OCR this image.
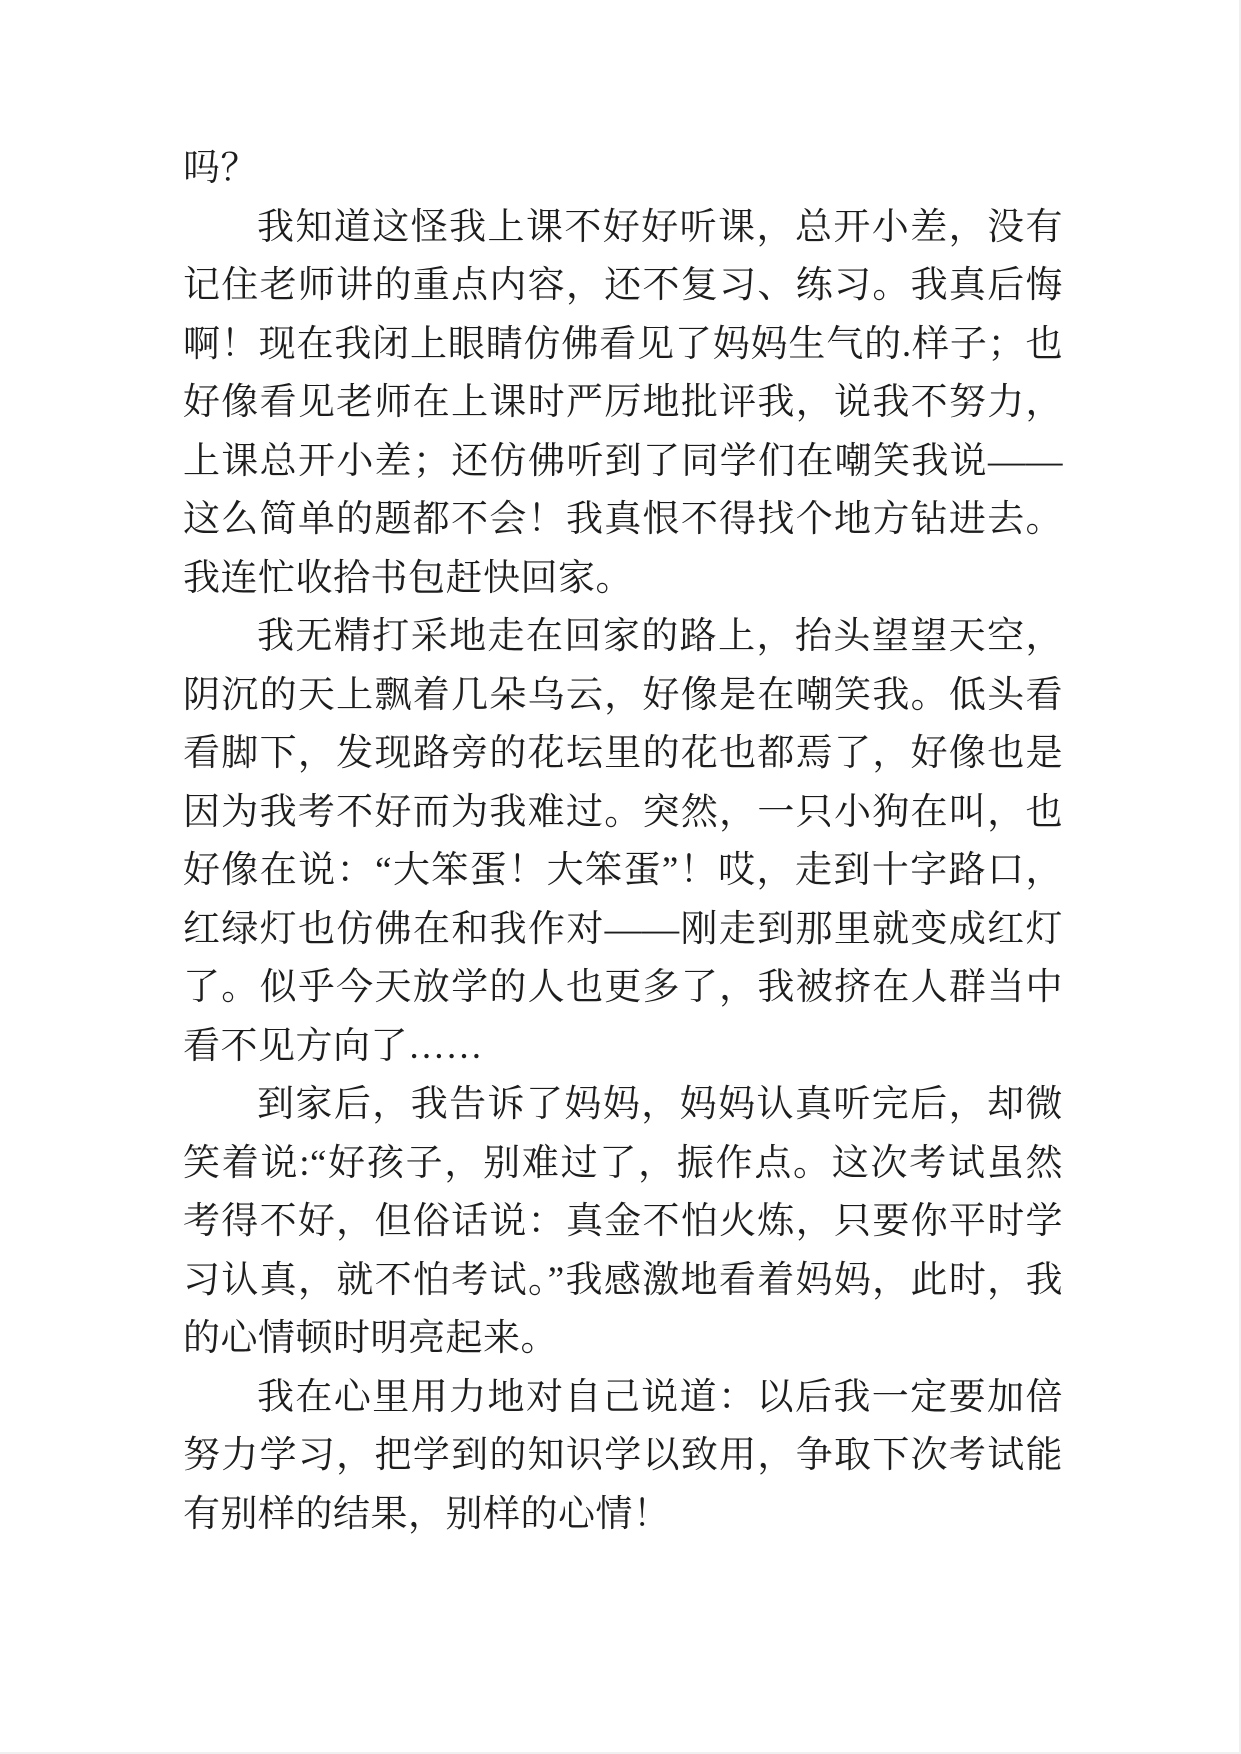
吗？

我知道这怪我上课不好好听课，总开小差，没有记住老师讲的重点内容，还不复习、练习。我真后悔啊！现在我闭上眼睛仿佛看见了妈妈生气的.样子；也好像看见老师在上课时严厉地批评我，说我不努力，上课总开小差；还仿佛听到了同学们在嘲笑我说——这么简单的题都不会！我真恨不得找个地方钻进去。我连忙收拾书包赶快回家。

我无精打采地走在回家的路上，抬头望望天空，阴沉的天上飘着几朵乌云，好像是在嘲笑我。低头看看脚下，发现路旁的花坛里的花也都焉了，好像也是因为我考不好而为我难过。突然，一只小狗在叫，也好像在说：“大笨蛋！大笨蛋”！哎，走到十字路口，红绿灯也仿佛在和我作对——刚走到那里就变成红灯了。似乎今天放学的人也更多了，我被挤在人群当中看不见方向了……

到家后，我告诉了妈妈，妈妈认真听完后，却微笑着说:“好孩子，别难过了，振作点。这次考试虽然考得不好，但俗话说：真金不怕火炼，只要你平时学习认真，就不怕考试。”我感激地看着妈妈，此时，我的心情顿时明亮起来。

我在心里用力地对自己说道：以后我一定要加倍努力学习，把学到的知识学以致用，争取下次考试能有别样的结果，别样的心情！
